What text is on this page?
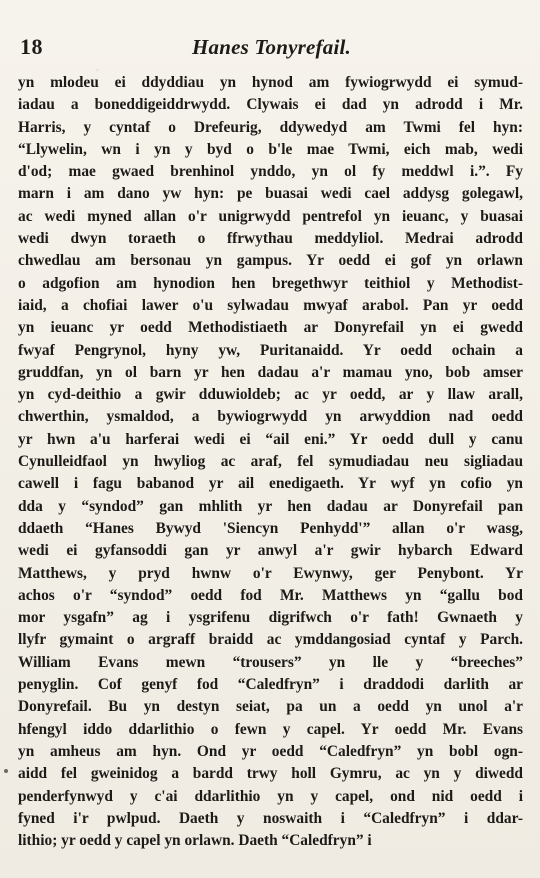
18	Hanes Tonyrefail.
yn mlodeu ei ddyddiau yn hynod am fywiogrwydd ei symud-
iadau a boneddigeiddrwydd. Clywais ei dad yn adrodd i Mr.
Harris, y cyntaf o Drefeurig, ddywedyd am Twmi fel hyn:
“Llywelin, wn i yn y byd o b'le mae Twmi, eich mab, wedi
d'od; mae gwaed brenhinol ynddo, yn ol fy meddwl i.”. Fy
marn i am dano yw hyn: pe buasai wedi cael addysg golegawl,
ac wedi myned allan o'r unigrwydd pentrefol yn ieuanc, y buasai
wedi dwyn toraeth o ffrwythau meddyliol. Medrai adrodd
chwedlau am bersonau yn gampus. Yr oedd ei gof yn orlawn
o adgofion am hynodion hen bregethwyr teithiol y Methodist-
iaid, a chofiai lawer o'u sylwadau mwyaf arabol. Pan yr oedd
yn ieuanc yr oedd Methodistiaeth ar Donyrefail yn ei gwedd
fwyaf Pengrynol, hyny yw, Puritanaidd. Yr oedd ochain a
gruddfan, yn ol barn yr hen dadau a'r mamau yno, bob amser
yn cyd-deithio a gwir dduwioldeb; ac yr oedd, ar y llaw arall,
chwerthin, ysmaldod, a bywiogrwydd yn arwyddion nad oedd
yr hwn a'u harferai wedi ei “ail eni.” Yr oedd dull y canu
Cynulleidfaol yn hwyliog ac araf, fel symudiadau neu sigliadau
cawell i fagu babanod yr ail enedigaeth. Yr wyf yn cofio yn
dda y “syndod” gan mhlith yr hen dadau ar Donyrefail pan
ddaeth “Hanes Bywyd 'Siencyn Penhydd'” allan o'r wasg,
wedi ei gyfansoddi gan yr anwyl a'r gwir hybarch Edward
Matthews, y pryd hwnw o'r Ewynwy, ger Penybont. Yr
achos o'r “syndod” oedd fod Mr. Matthews yn “gallu bod
mor ysgafn” ag i ysgrifenu digrifwch o'r fath! Gwnaeth y
llyfr gymaint o argraff braidd ac ymddangosiad cyntaf y Parch.
William Evans mewn “trousers” yn lle y “breeches”
penyglin. Cof genyf fod “Caledfryn” i draddodi darlith ar
Donyrefail. Bu yn destyn seiat, pa un a oedd yn unol a'r
hfengyl iddo ddarlithio o fewn y capel. Yr oedd Mr. Evans
yn amheus am hyn. Ond yr oedd “Caledfryn” yn bobl ogn-
aidd fel gweinidog a bardd trwy holl Gymru, ac yn y diwedd
penderfynwyd y c'ai ddarlithio yn y capel, ond nid oedd i
fyned i'r pwlpud. Daeth y noswaith i “Caledfryn” i ddar-
lithio; yr oedd y capel yn orlawn. Daeth “Caledfryn” i
